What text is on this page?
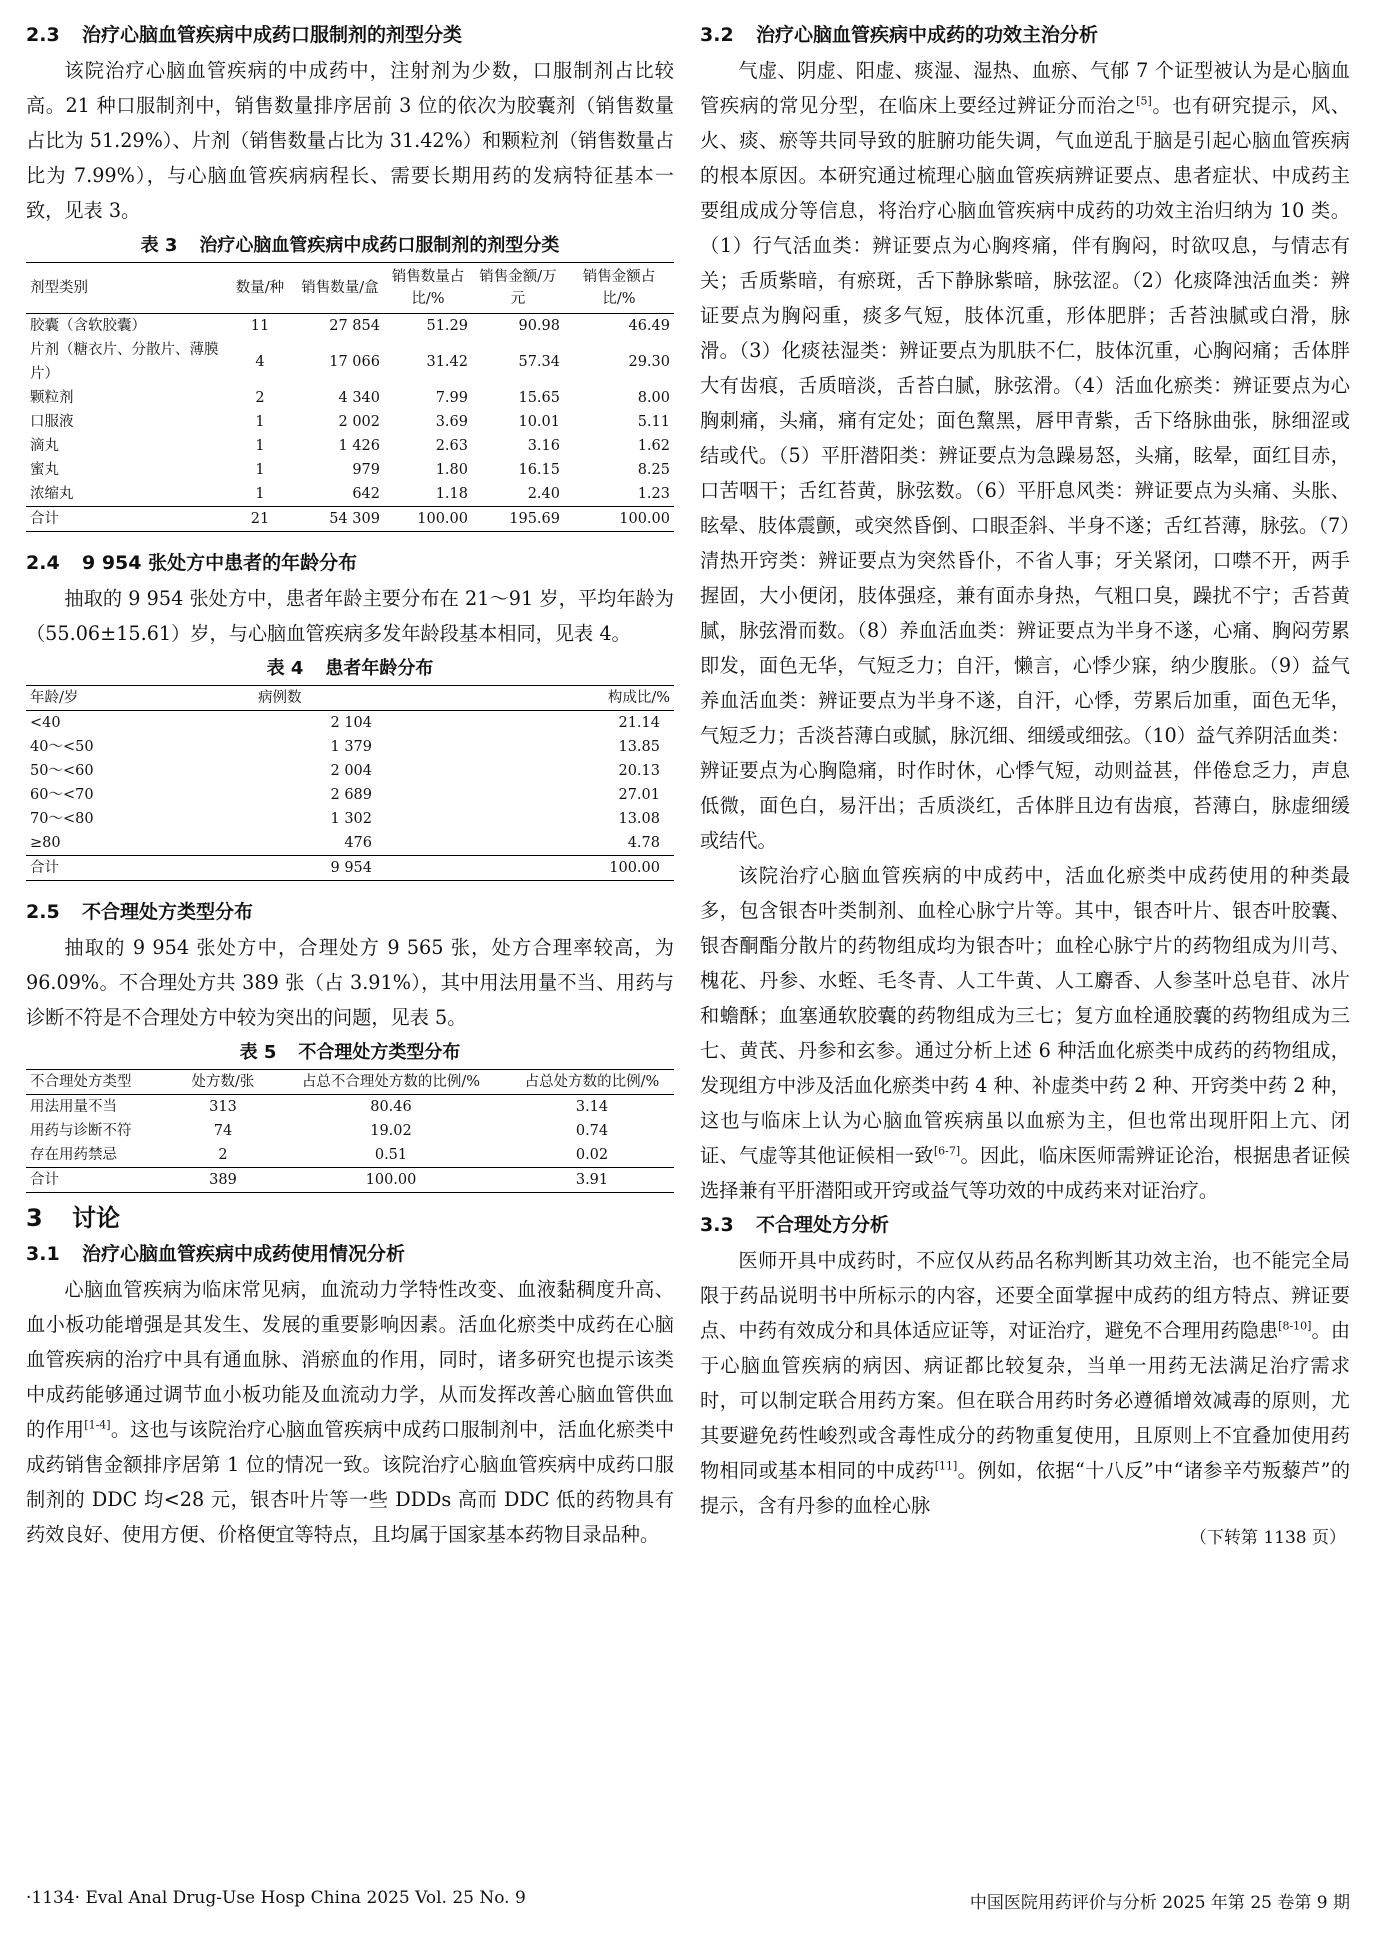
2.3 治疗心脑血管疾病中成药口服制剂的剂型分类

该院治疗心脑血管疾病的中成药中，注射剂为少数，口服制剂占比较高。21 种口服制剂中，销售数量排序居前 3 位的依次为胶囊剂（销售数量占比为 51.29%）、片剂（销售数量占比为 31.42%）和颗粒剂（销售数量占比为 7.99%），与心脑血管疾病病程长、需要长期用药的发病特征基本一致，见表 3。

表 3 治疗心脑血管疾病中成药口服制剂的剂型分类
剂型类别	数量/种	销售数量/盒	销售数量占比/%	销售金额/万元	销售金额占比/%
胶囊（含软胶囊）	11	27 854	51.29	90.98	46.49
片剂（糖衣片、分散片、薄膜片）	4	17 066	31.42	57.34	29.30
颗粒剂	2	4 340	7.99	15.65	8.00
口服液	1	2 002	3.69	10.01	5.11
滴丸	1	1 426	2.63	3.16	1.62
蜜丸	1	979	1.80	16.15	8.25
浓缩丸	1	642	1.18	2.40	1.23
合计	21	54 309	100.00	195.69	100.00
2.4 9 954 张处方中患者的年龄分布

抽取的 9 954 张处方中，患者年龄主要分布在 21～91 岁，平均年龄为（55.06±15.61）岁，与心脑血管疾病多发年龄段基本相同，见表 4。

表 4 患者年龄分布
年龄/岁	病例数	构成比/%
<40	2 104	21.14
40～<50	1 379	13.85
50～<60	2 004	20.13
60～<70	2 689	27.01
70～<80	1 302	13.08
≥80	476	4.78
合计	9 954	100.00
2.5 不合理处方类型分布

抽取的 9 954 张处方中，合理处方 9 565 张，处方合理率较高，为 96.09%。不合理处方共 389 张（占 3.91%），其中用法用量不当、用药与诊断不符是不合理处方中较为突出的问题，见表 5。

表 5 不合理处方类型分布
不合理处方类型	处方数/张	占总不合理处方数的比例/%	占总处方数的比例/%
用法用量不当	313	80.46	3.14
用药与诊断不符	74	19.02	0.74
存在用药禁忌	2	0.51	0.02
合计	389	100.00	3.91
3 讨论
3.1 治疗心脑血管疾病中成药使用情况分析

心脑血管疾病为临床常见病，血流动力学特性改变、血液黏稠度升高、血小板功能增强是其发生、发展的重要影响因素。活血化瘀类中成药在心脑血管疾病的治疗中具有通血脉、消瘀血的作用，同时，诸多研究也提示该类中成药能够通过调节血小板功能及血流动力学，从而发挥改善心脑血管供血的作用[1-4]。这也与该院治疗心脑血管疾病中成药口服制剂中，活血化瘀类中成药销售金额排序居第 1 位的情况一致。该院治疗心脑血管疾病中成药口服制剂的 DDC 均<28 元，银杏叶片等一些 DDDs 高而 DDC 低的药物具有药效良好、使用方便、价格便宜等特点，且均属于国家基本药物目录品种。

3.2 治疗心脑血管疾病中成药的功效主治分析

气虚、阴虚、阳虚、痰湿、湿热、血瘀、气郁 7 个证型被认为是心脑血管疾病的常见分型，在临床上要经过辨证分而治之[5]。也有研究提示，风、火、痰、瘀等共同导致的脏腑功能失调，气血逆乱于脑是引起心脑血管疾病的根本原因。本研究通过梳理心脑血管疾病辨证要点、患者症状、中成药主要组成成分等信息，将治疗心脑血管疾病中成药的功效主治归纳为 10 类。（1）行气活血类：辨证要点为心胸疼痛，伴有胸闷，时欲叹息，与情志有关；舌质紫暗，有瘀斑，舌下静脉紫暗，脉弦涩。（2）化痰降浊活血类：辨证要点为胸闷重，痰多气短，肢体沉重，形体肥胖；舌苔浊腻或白滑，脉滑。（3）化痰祛湿类：辨证要点为肌肤不仁，肢体沉重，心胸闷痛；舌体胖大有齿痕，舌质暗淡，舌苔白腻，脉弦滑。（4）活血化瘀类：辨证要点为心胸刺痛，头痛，痛有定处；面色黧黑，唇甲青紫，舌下络脉曲张，脉细涩或结或代。（5）平肝潜阳类：辨证要点为急躁易怒，头痛，眩晕，面红目赤，口苦咽干；舌红苔黄，脉弦数。（6）平肝息风类：辨证要点为头痛、头胀、眩晕、肢体震颤，或突然昏倒、口眼歪斜、半身不遂；舌红苔薄，脉弦。（7）清热开窍类：辨证要点为突然昏仆，不省人事；牙关紧闭，口噤不开，两手握固，大小便闭，肢体强痉，兼有面赤身热，气粗口臭，躁扰不宁；舌苔黄腻，脉弦滑而数。（8）养血活血类：辨证要点为半身不遂，心痛、胸闷劳累即发，面色无华，气短乏力；自汗，懒言，心悸少寐，纳少腹胀。（9）益气养血活血类：辨证要点为半身不遂，自汗，心悸，劳累后加重，面色无华，气短乏力；舌淡苔薄白或腻，脉沉细、细缓或细弦。（10）益气养阴活血类：辨证要点为心胸隐痛，时作时休，心悸气短，动则益甚，伴倦怠乏力，声息低微，面色白，易汗出；舌质淡红，舌体胖且边有齿痕，苔薄白，脉虚细缓或结代。

该院治疗心脑血管疾病的中成药中，活血化瘀类中成药使用的种类最多，包含银杏叶类制剂、血栓心脉宁片等。其中，银杏叶片、银杏叶胶囊、银杏酮酯分散片的药物组成均为银杏叶；血栓心脉宁片的药物组成为川芎、槐花、丹参、水蛭、毛冬青、人工牛黄、人工麝香、人参茎叶总皂苷、冰片和蟾酥；血塞通软胶囊的药物组成为三七；复方血栓通胶囊的药物组成为三七、黄芪、丹参和玄参。通过分析上述 6 种活血化瘀类中成药的药物组成，发现组方中涉及活血化瘀类中药 4 种、补虚类中药 2 种、开窍类中药 2 种，这也与临床上认为心脑血管疾病虽以血瘀为主，但也常出现肝阳上亢、闭证、气虚等其他证候相一致[6-7]。因此，临床医师需辨证论治，根据患者证候选择兼有平肝潜阳或开窍或益气等功效的中成药来对证治疗。

3.3 不合理处方分析

医师开具中成药时，不应仅从药品名称判断其功效主治，也不能完全局限于药品说明书中所标示的内容，还要全面掌握中成药的组方特点、辨证要点、中药有效成分和具体适应证等，对证治疗，避免不合理用药隐患[8-10]。由于心脑血管疾病的病因、病证都比较复杂，当单一用药无法满足治疗需求时，可以制定联合用药方案。但在联合用药时务必遵循增效减毒的原则，尤其要避免药性峻烈或含毒性成分的药物重复使用，且原则上不宜叠加使用药物相同或基本相同的中成药[11]。例如，依据“十八反”中“诸参辛芍叛藜芦”的提示，含有丹参的血栓心脉

（下转第 1138 页）
·1134· Eval Anal Drug-Use Hosp China 2025 Vol. 25 No. 9	中国医院用药评价与分析 2025 年第 25 卷第 9 期
